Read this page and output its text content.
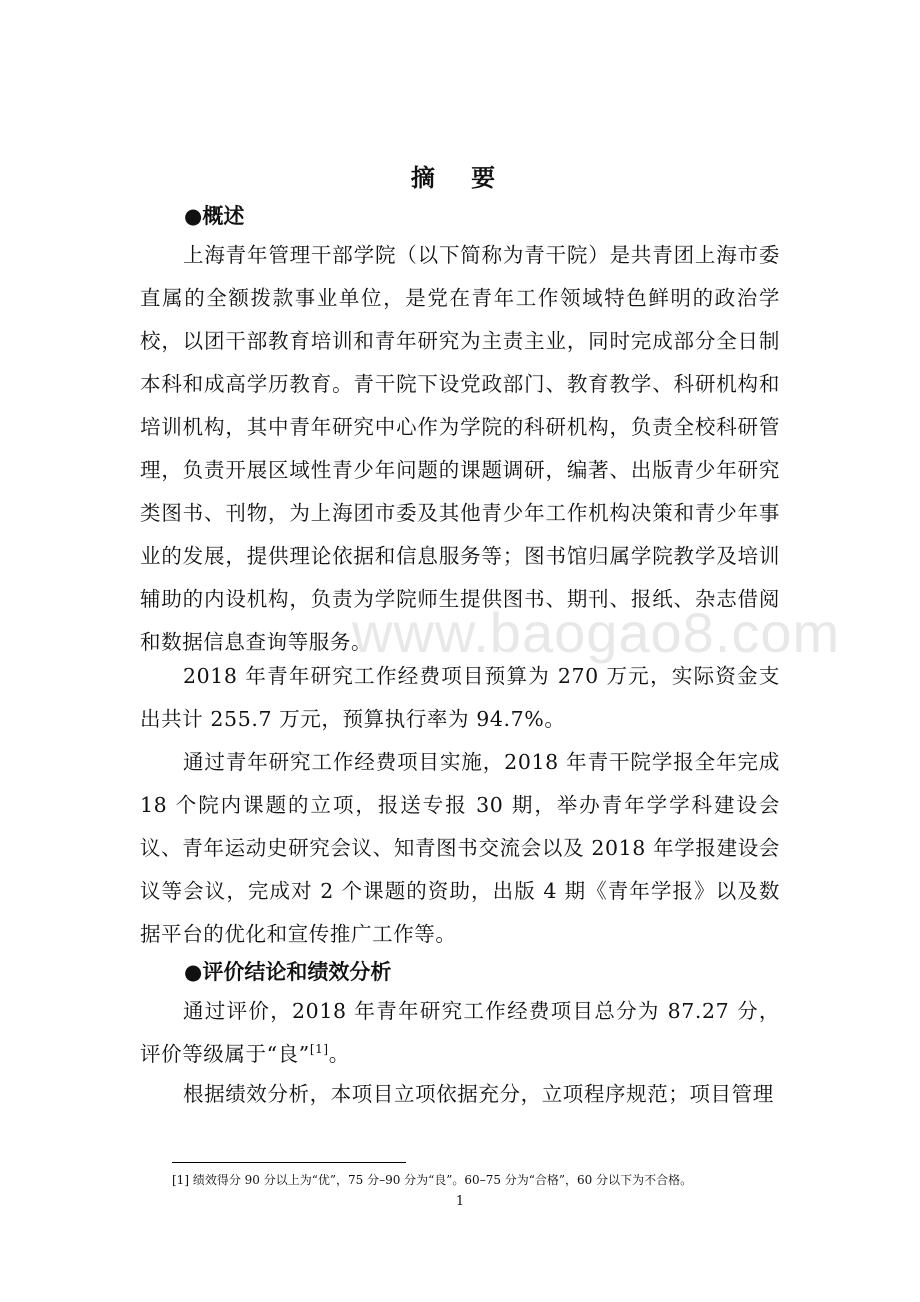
摘 要
●概述

上海青年管理干部学院（以下简称为青干院）是共青团上海市委直属的全额拨款事业单位，是党在青年工作领域特色鲜明的政治学校，以团干部教育培训和青年研究为主责主业，同时完成部分全日制本科和成高学历教育。青干院下设党政部门、教育教学、科研机构和培训机构，其中青年研究中心作为学院的科研机构，负责全校科研管理，负责开展区域性青少年问题的课题调研，编著、出版青少年研究类图书、刊物，为上海团市委及其他青少年工作机构决策和青少年事业的发展，提供理论依据和信息服务等；图书馆归属学院教学及培训辅助的内设机构，负责为学院师生提供图书、期刊、报纸、杂志借阅和数据信息查询等服务。

2018 年青年研究工作经费项目预算为 270 万元，实际资金支出共计 255.7 万元，预算执行率为 94.7%。

通过青年研究工作经费项目实施，2018 年青干院学报全年完成 18 个院内课题的立项，报送专报 30 期，举办青年学学科建设会议、青年运动史研究会议、知青图书交流会以及 2018 年学报建设会议等会议，完成对 2 个课题的资助，出版 4 期《青年学报》以及数据平台的优化和宣传推广工作等。

●评价结论和绩效分析

通过评价，2018 年青年研究工作经费项目总分为 87.27 分，评价等级属于“良”[1]。

根据绩效分析，本项目立项依据充分，立项程序规范；项目管理

www.baogao8.com
[1] 绩效得分 90 分以上为“优”，75 分–90 分为“良”。60–75 分为“合格”，60 分以下为不合格。
1
